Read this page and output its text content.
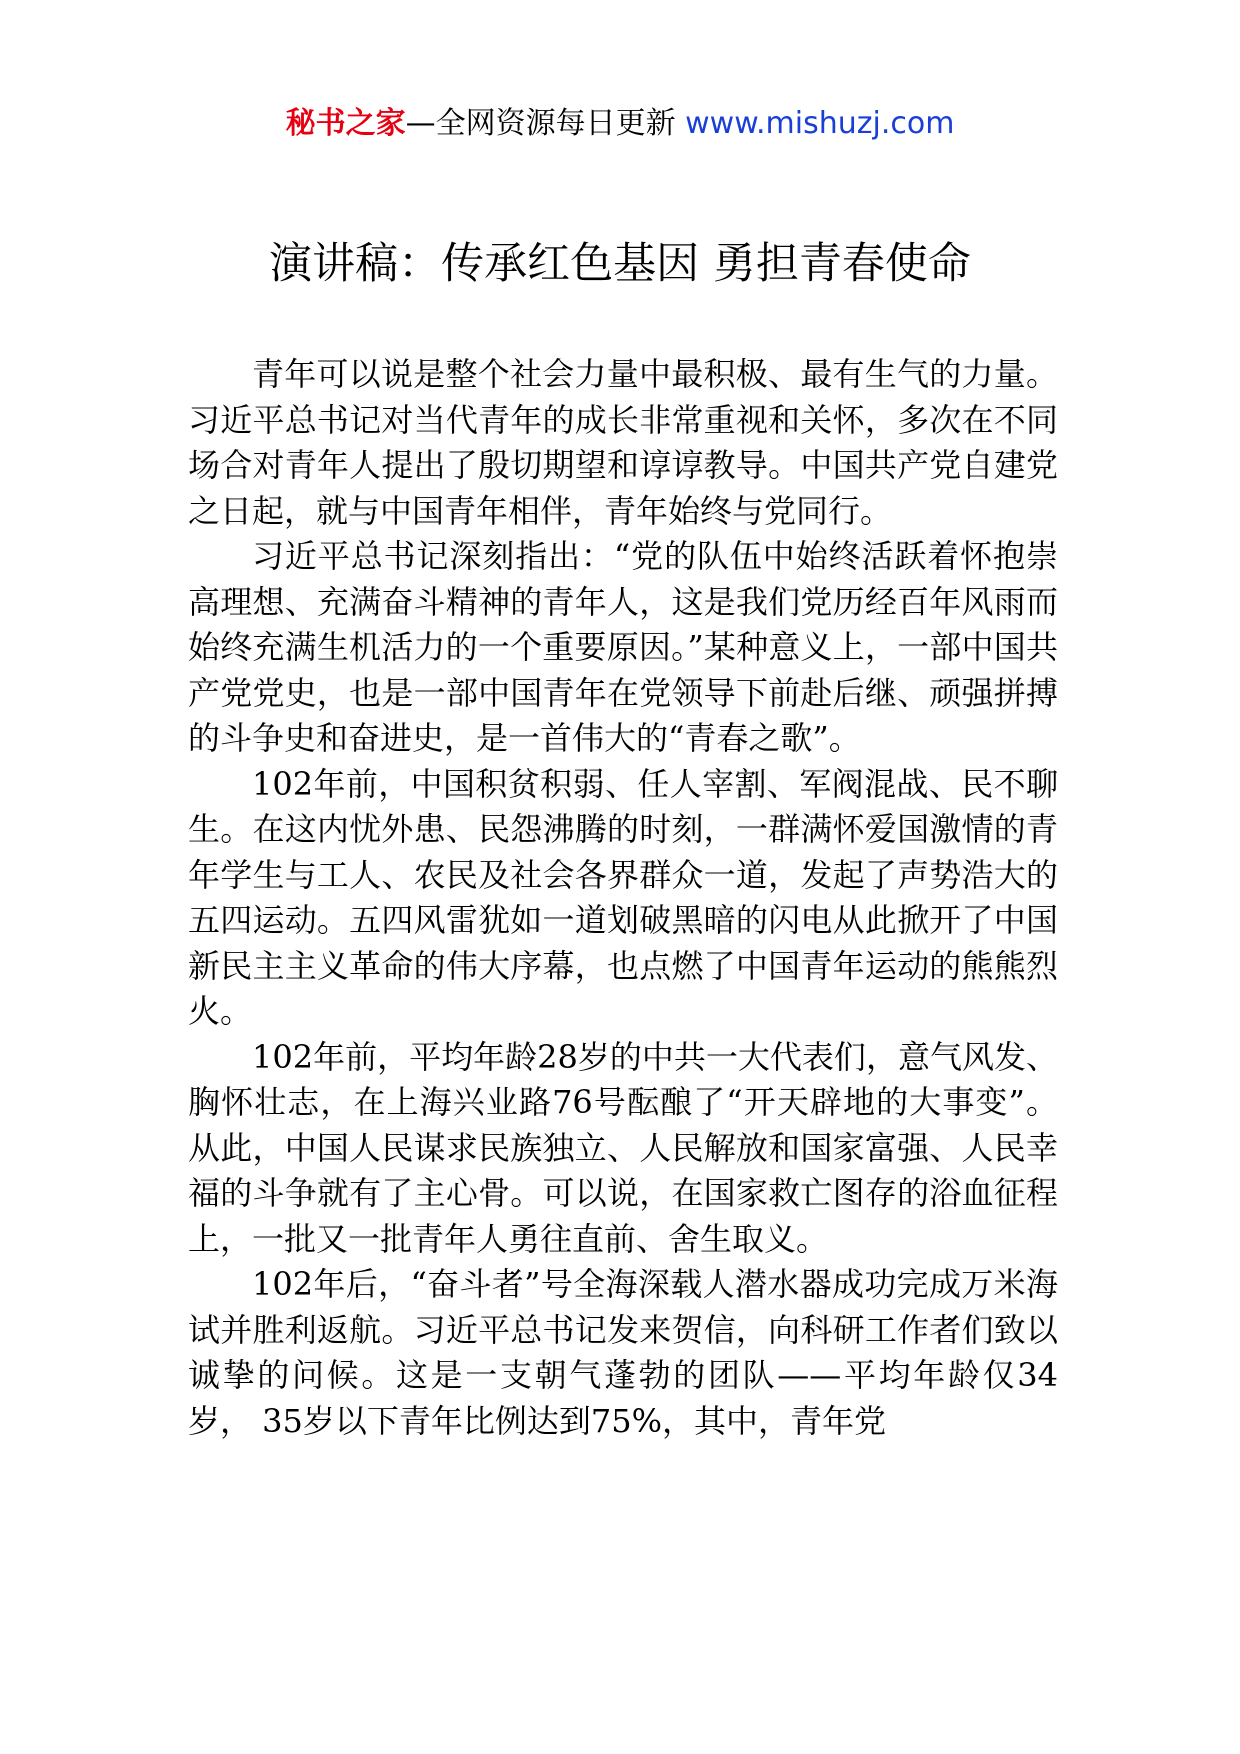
秘书之家—全网资源每日更新 www.mishuzj.com
演讲稿：传承红色基因 勇担青春使命

青年可以说是整个社会力量中最积极、最有生气的力量。习近平总书记对当代青年的成长非常重视和关怀，多次在不同场合对青年人提出了殷切期望和谆谆教导。中国共产党自建党之日起，就与中国青年相伴，青年始终与党同行。

习近平总书记深刻指出：“党的队伍中始终活跃着怀抱崇高理想、充满奋斗精神的青年人，这是我们党历经百年风雨而始终充满生机活力的一个重要原因。”某种意义上，一部中国共产党党史，也是一部中国青年在党领导下前赴后继、顽强拼搏的斗争史和奋进史，是一首伟大的“青春之歌”。

102年前，中国积贫积弱、任人宰割、军阀混战、民不聊生。在这内忧外患、民怨沸腾的时刻，一群满怀爱国激情的青年学生与工人、农民及社会各界群众一道，发起了声势浩大的五四运动。五四风雷犹如一道划破黑暗的闪电从此掀开了中国新民主主义革命的伟大序幕，也点燃了中国青年运动的熊熊烈火。

102年前，平均年龄28岁的中共一大代表们，意气风发、胸怀壮志，在上海兴业路76号酝酿了“开天辟地的大事变”。从此，中国人民谋求民族独立、人民解放和国家富强、人民幸福的斗争就有了主心骨。可以说，在国家救亡图存的浴血征程上，一批又一批青年人勇往直前、舍生取义。

102年后，“奋斗者”号全海深载人潜水器成功完成万米海试并胜利返航。习近平总书记发来贺信，向科研工作者们致以诚挚的问候。这是一支朝气蓬勃的团队——平均年龄仅34岁， 35岁以下青年比例达到75%，其中，青年党
